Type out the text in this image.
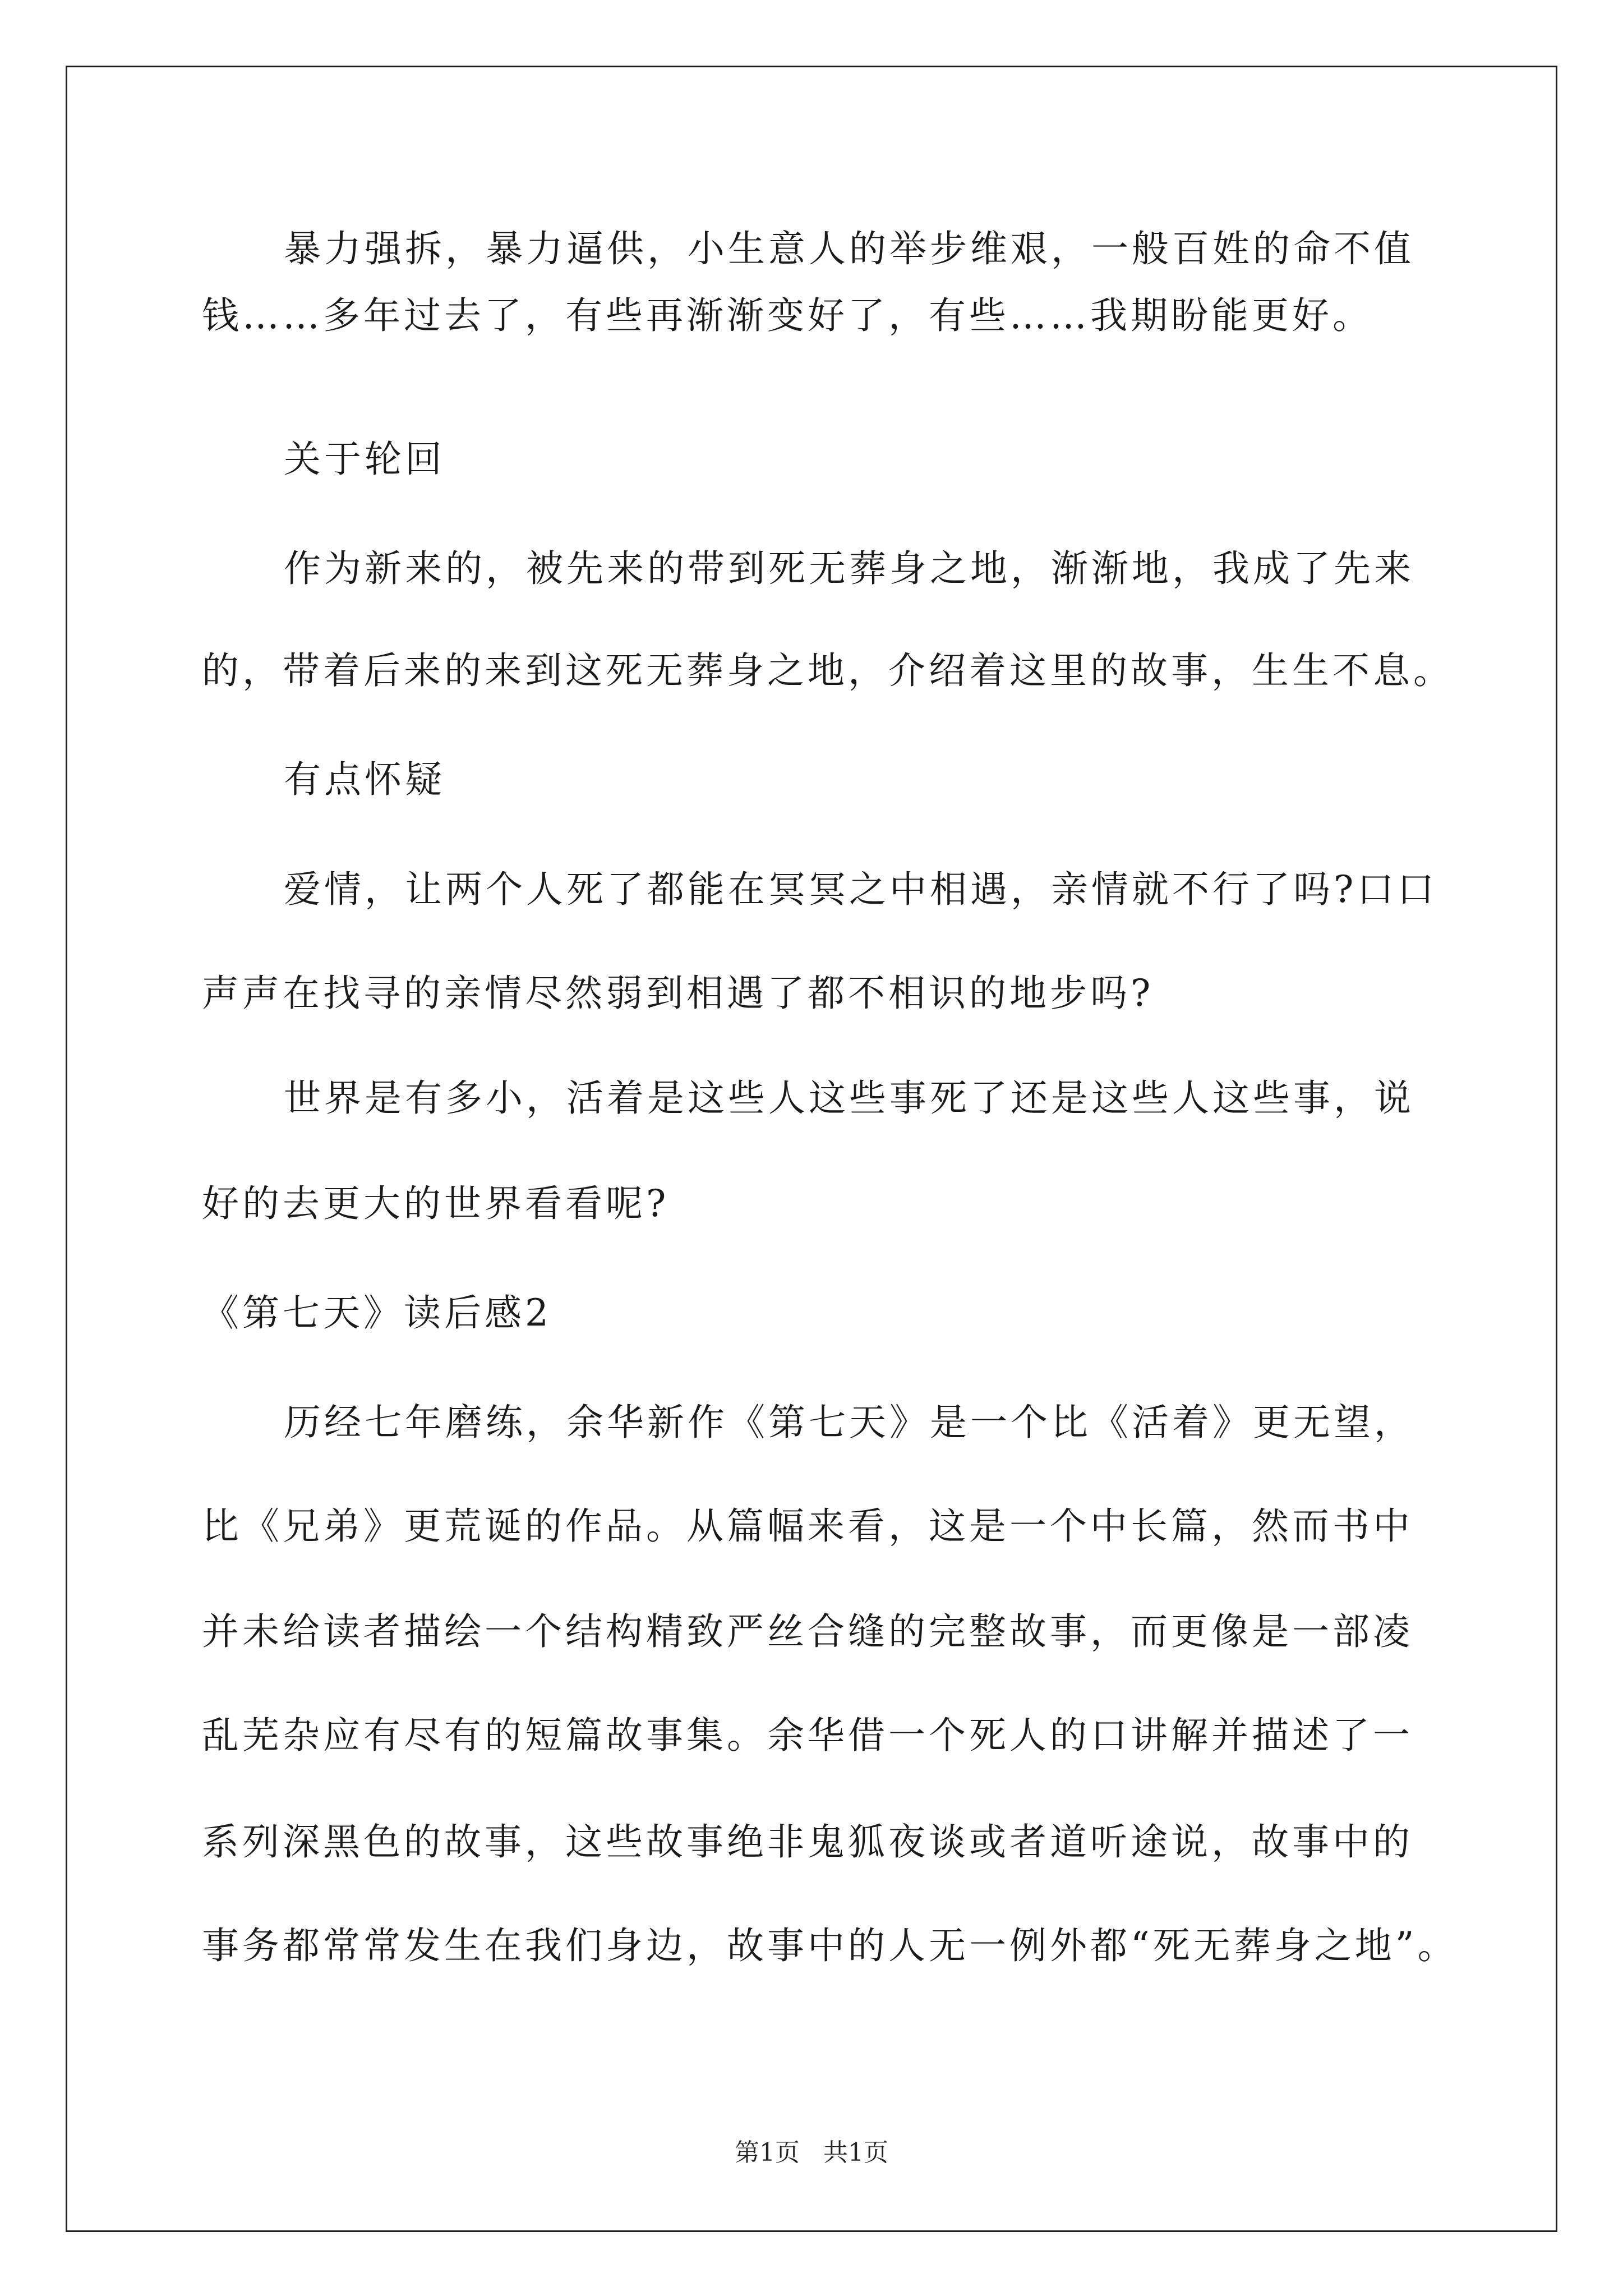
暴力强拆，暴力逼供，小生意人的举步维艰，一般百姓的命不值
钱……多年过去了，有些再渐渐变好了，有些……我期盼能更好。
关于轮回
作为新来的，被先来的带到死无葬身之地，渐渐地，我成了先来
的，带着后来的来到这死无葬身之地，介绍着这里的故事，生生不息。
有点怀疑
爱情，让两个人死了都能在冥冥之中相遇，亲情就不行了吗?口口
声声在找寻的亲情尽然弱到相遇了都不相识的地步吗?
世界是有多小，活着是这些人这些事死了还是这些人这些事，说
好的去更大的世界看看呢?
《第七天》读后感2
历经七年磨练，余华新作《第七天》是一个比《活着》更无望，
比《兄弟》更荒诞的作品。从篇幅来看，这是一个中长篇，然而书中
并未给读者描绘一个结构精致严丝合缝的完整故事，而更像是一部凌
乱芜杂应有尽有的短篇故事集。余华借一个死人的口讲解并描述了一
系列深黑色的故事，这些故事绝非鬼狐夜谈或者道听途说，故事中的
事务都常常发生在我们身边，故事中的人无一例外都“死无葬身之地”。
第1页   共1页
